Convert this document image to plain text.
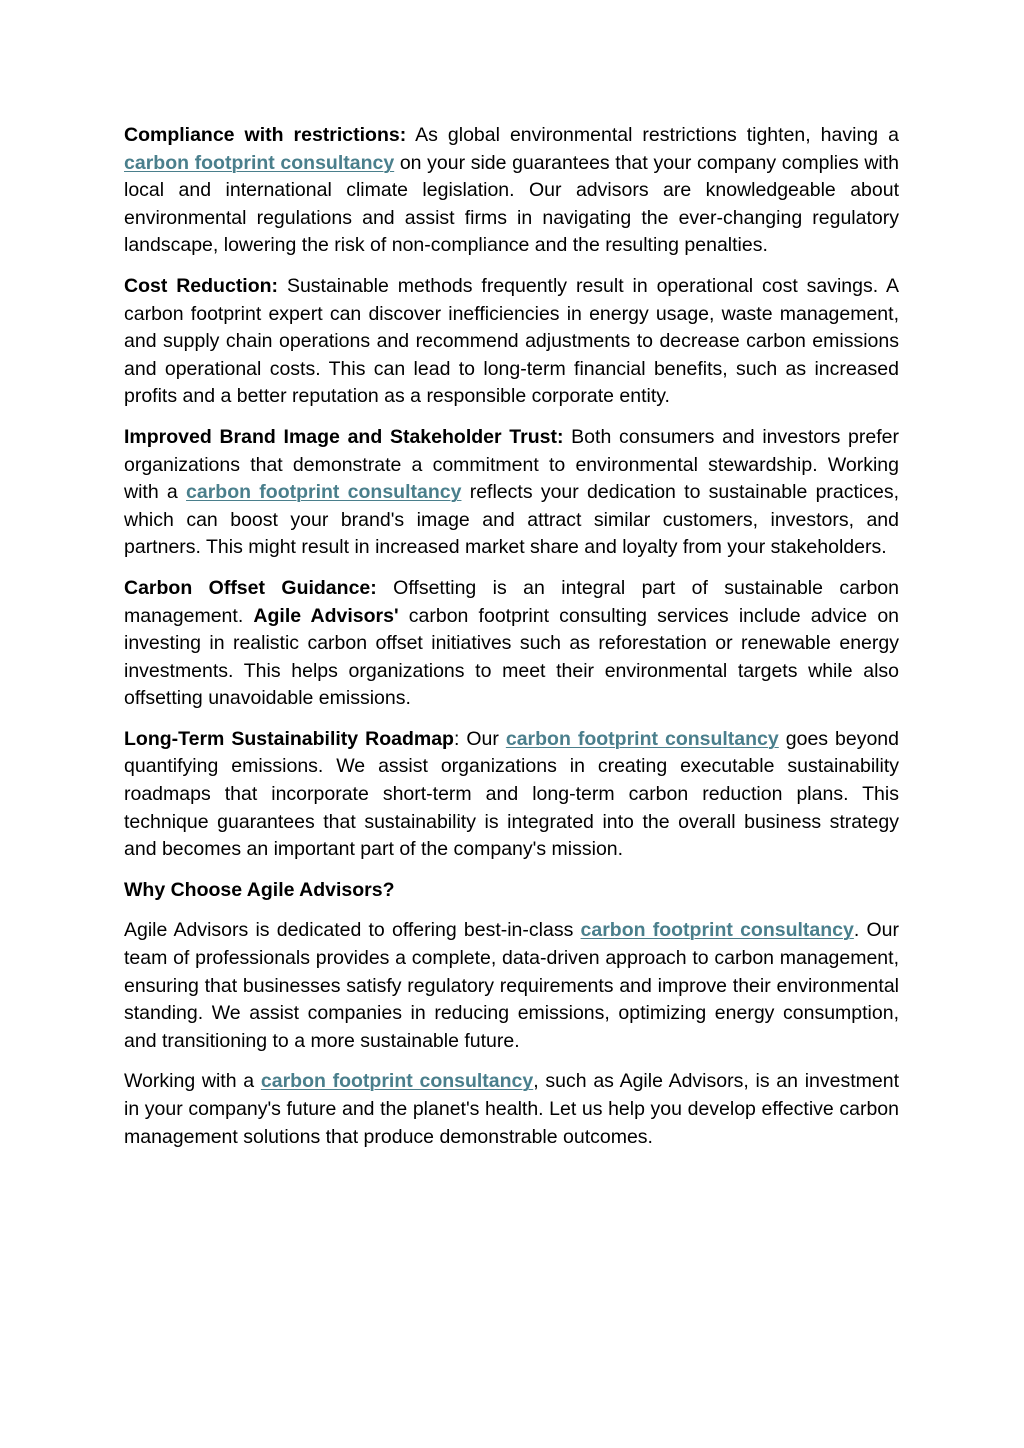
Compliance with restrictions: As global environmental restrictions tighten, having a carbon footprint consultancy on your side guarantees that your company complies with local and international climate legislation. Our advisors are knowledgeable about environmental regulations and assist firms in navigating the ever-changing regulatory landscape, lowering the risk of non-compliance and the resulting penalties.

Cost Reduction: Sustainable methods frequently result in operational cost savings. A carbon footprint expert can discover inefficiencies in energy usage, waste management, and supply chain operations and recommend adjustments to decrease carbon emissions and operational costs. This can lead to long-term financial benefits, such as increased profits and a better reputation as a responsible corporate entity.

Improved Brand Image and Stakeholder Trust: Both consumers and investors prefer organizations that demonstrate a commitment to environmental stewardship. Working with a carbon footprint consultancy reflects your dedication to sustainable practices, which can boost your brand's image and attract similar customers, investors, and partners. This might result in increased market share and loyalty from your stakeholders.

Carbon Offset Guidance: Offsetting is an integral part of sustainable carbon management. Agile Advisors' carbon footprint consulting services include advice on investing in realistic carbon offset initiatives such as reforestation or renewable energy investments. This helps organizations to meet their environmental targets while also offsetting unavoidable emissions.

Long-Term Sustainability Roadmap: Our carbon footprint consultancy goes beyond quantifying emissions. We assist organizations in creating executable sustainability roadmaps that incorporate short-term and long-term carbon reduction plans. This technique guarantees that sustainability is integrated into the overall business strategy and becomes an important part of the company's mission.

Why Choose Agile Advisors?

Agile Advisors is dedicated to offering best-in-class carbon footprint consultancy. Our team of professionals provides a complete, data-driven approach to carbon management, ensuring that businesses satisfy regulatory requirements and improve their environmental standing. We assist companies in reducing emissions, optimizing energy consumption, and transitioning to a more sustainable future.

Working with a carbon footprint consultancy, such as Agile Advisors, is an investment in your company's future and the planet's health. Let us help you develop effective carbon management solutions that produce demonstrable outcomes.
